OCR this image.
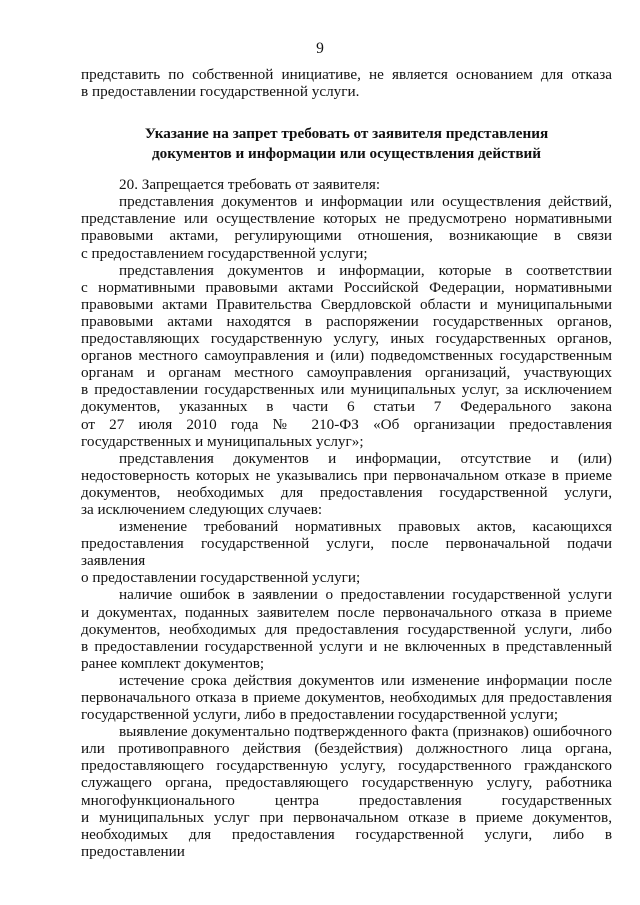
9

представить по собственной инициативе, не является основанием для отказа

в предоставлении государственной услуги.

Указание на запрет требовать от заявителя представления
документов и информации или осуществления действий

20. Запрещается требовать от заявителя:

представления документов и информации или осуществления действий,

представление или осуществление которых не предусмотрено нормативными

правовыми актами, регулирующими отношения, возникающие в связи

с предоставлением государственной услуги;

представления документов и информации, которые в соответствии

с нормативными правовыми актами Российской Федерации, нормативными

правовыми актами Правительства Свердловской области и муниципальными

правовыми актами находятся в распоряжении государственных органов,

предоставляющих государственную услугу, иных государственных органов,

органов местного самоуправления и (или) подведомственных государственным

органам и органам местного самоуправления организаций, участвующих

в предоставлении государственных или муниципальных услуг, за исключением

документов, указанных в части 6 статьи 7 Федерального закона

от 27 июля 2010 года № 210-ФЗ «Об организации предоставления

государственных и муниципальных услуг»;

представления документов и информации, отсутствие и (или)

недостоверность которых не указывались при первоначальном отказе в приеме

документов, необходимых для предоставления государственной услуги,

за исключением следующих случаев:

изменение требований нормативных правовых актов, касающихся

предоставления государственной услуги, после первоначальной подачи заявления

о предоставлении государственной услуги;

наличие ошибок в заявлении о предоставлении государственной услуги

и документах, поданных заявителем после первоначального отказа в приеме

документов, необходимых для предоставления государственной услуги, либо

в предоставлении государственной услуги и не включенных в представленный

ранее комплект документов;

истечение срока действия документов или изменение информации после

первоначального отказа в приеме документов, необходимых для предоставления

государственной услуги, либо в предоставлении государственной услуги;

выявление документально подтвержденного факта (признаков) ошибочного

или противоправного действия (бездействия) должностного лица органа,

предоставляющего государственную услугу, государственного гражданского

служащего органа, предоставляющего государственную услугу, работника

многофункционального центра предоставления государственных

и муниципальных услуг при первоначальном отказе в приеме документов,

необходимых для предоставления государственной услуги, либо в предоставлении
